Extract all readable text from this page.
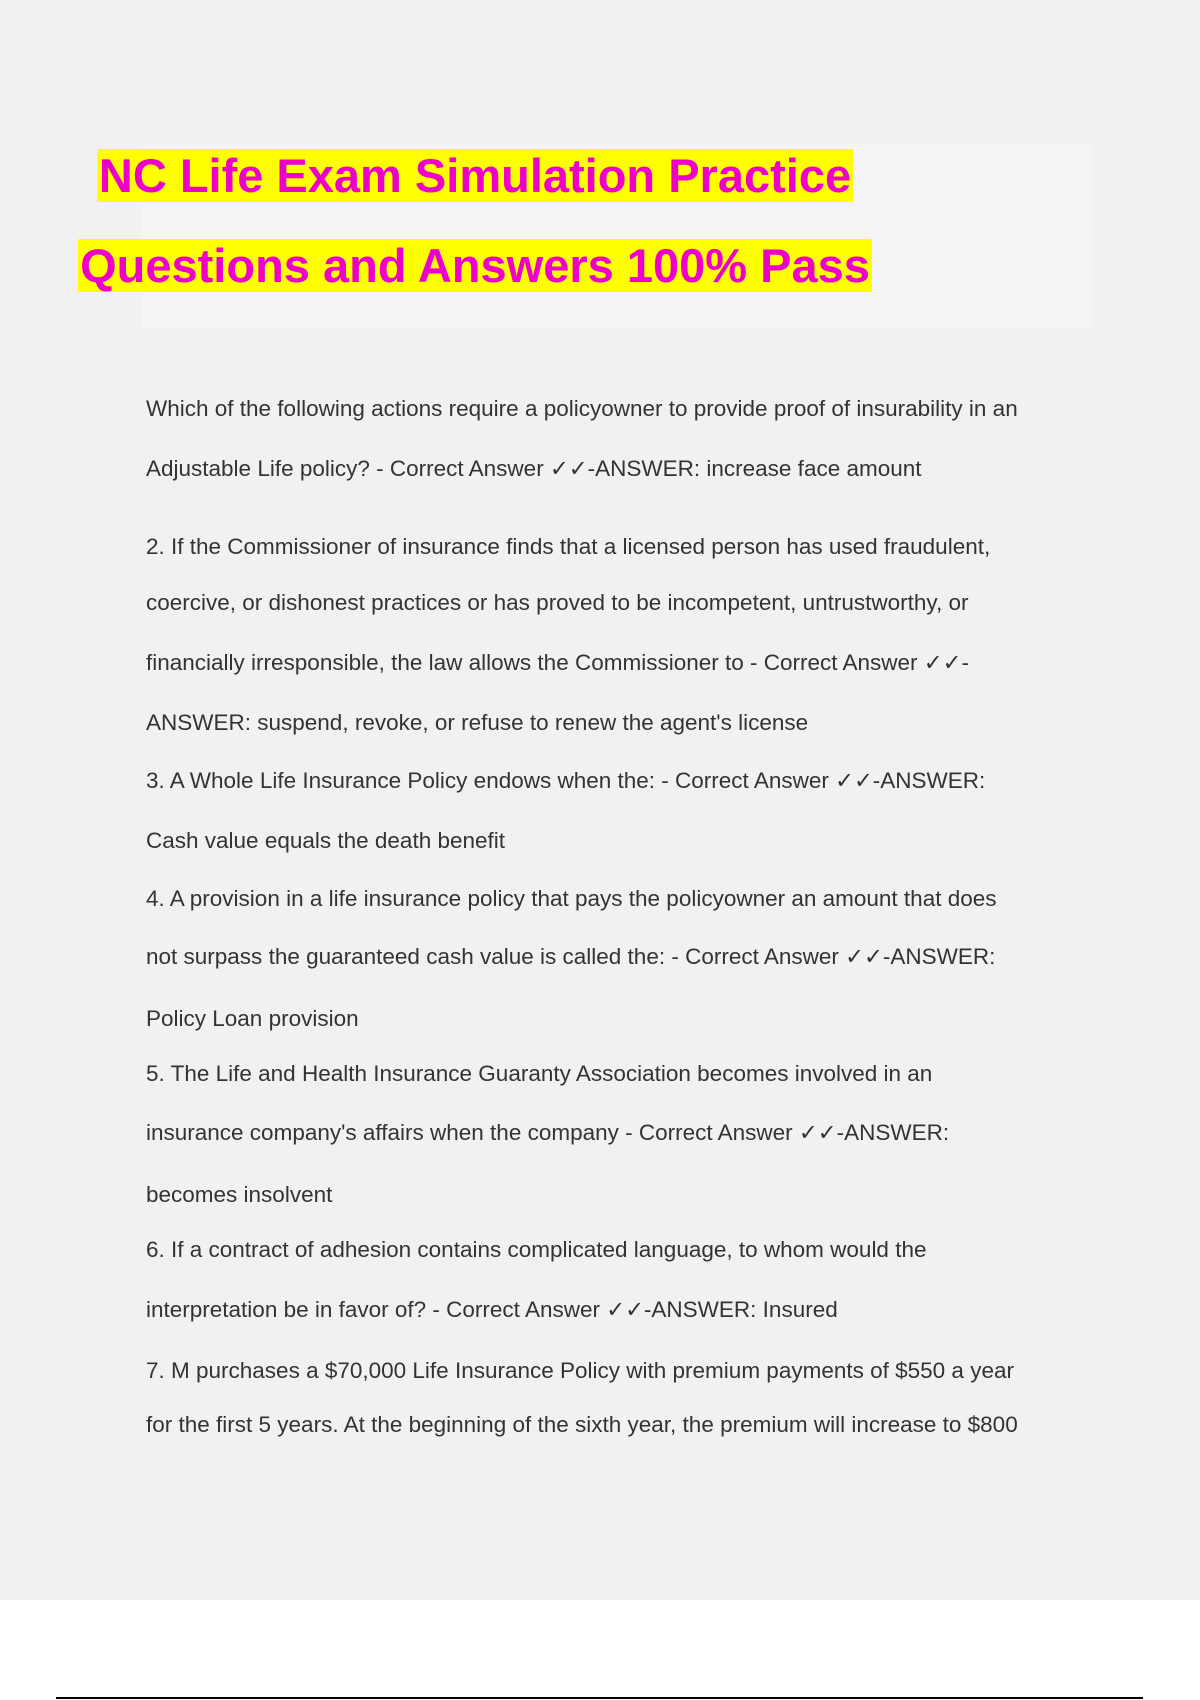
NC Life Exam Simulation Practice
Questions and Answers 100% Pass
Which of the following actions require a policyowner to provide proof of insurability in an
Adjustable Life policy? - Correct Answer ✓✓-ANSWER: increase face amount
2. If the Commissioner of insurance finds that a licensed person has used fraudulent,
coercive, or dishonest practices or has proved to be incompetent, untrustworthy, or
financially irresponsible, the law allows the Commissioner to - Correct Answer ✓✓-
ANSWER: suspend, revoke, or refuse to renew the agent's license
3. A Whole Life Insurance Policy endows when the: - Correct Answer ✓✓-ANSWER:
Cash value equals the death benefit
4. A provision in a life insurance policy that pays the policyowner an amount that does
not surpass the guaranteed cash value is called the: - Correct Answer ✓✓-ANSWER:
Policy Loan provision
5. The Life and Health Insurance Guaranty Association becomes involved in an
insurance company's affairs when the company - Correct Answer ✓✓-ANSWER:
becomes insolvent
6. If a contract of adhesion contains complicated language, to whom would the
interpretation be in favor of? - Correct Answer ✓✓-ANSWER: Insured
7. M purchases a $70,000 Life Insurance Policy with premium payments of $550 a year
for the first 5 years. At the beginning of the sixth year, the premium will increase to $800
